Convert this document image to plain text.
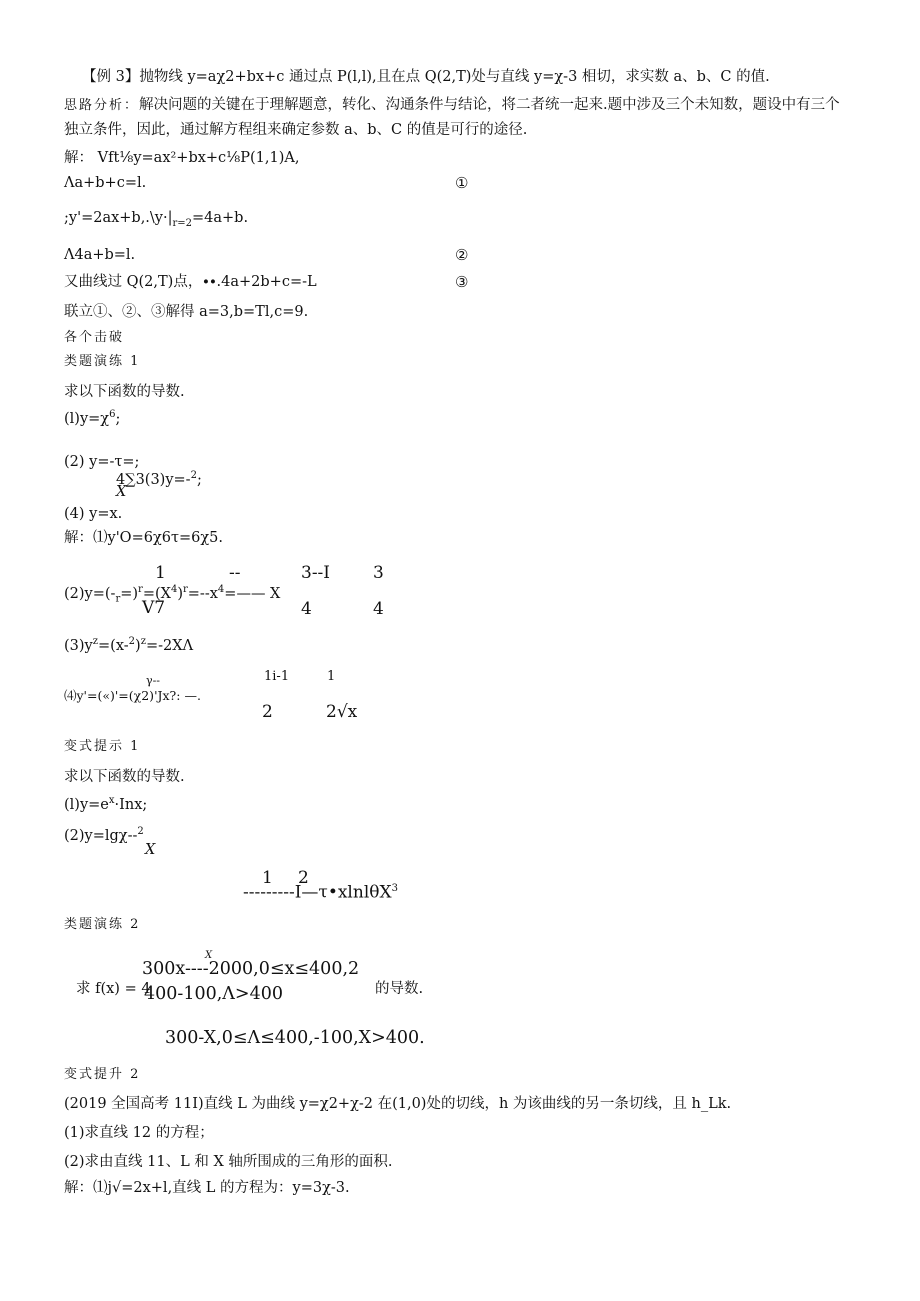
【例 3】抛物线 y=aχ2+bx+c 通过点 P(l,l),且在点 Q(2,T)处与直线 y=χ-3 相切，求实数 a、b、C 的值.
思路分析：解决问题的关键在于理解题意，转化、沟通条件与结论，将二者统一起来.题中涉及三个未知数，题设中有三个
独立条件，因此，通过解方程组来确定参数 a、b、C 的值是可行的途径.
解： Vft⅛y=ax²+bx+c⅛P(1,1)A,
Λa+b+c=l.	①
$;y'=2ax+b,.\backslash y\cdot|_{r=2}=4a+b$.
Λ4a+b=l.	②
又曲线过 Q(2,T)点，∙∙.4a+2b+c=-L	③
联立①、②、③解得 a=3,b=Tl,c=9.
各个击破
类题演练 1
求以下函数的导数.
$(l)y=\chi^6$;
(2) y=-τ=;
4∑3(3)y=-$^2$;
X
(4) y=x.
解：⑴y'O=6χ6τ=6χ5.
1	--	3--I	3
$(2)y=(-_r=)^r=(X^4)^r=--x^4=——$ X
V7	4	4
$(3)y^z=(x-^2)^z=-2X\Lambda$
γ--	1i-1	1
⑷y'=(«)'=(χ2)'Jx?: —.
2	2√x
变式提示 1
求以下函数的导数.
$(l)y=e^x\cdot Inx$;
(2)y=lgχ--$^2$
X
1 2
---------I—τ•xlnlθX$^3$
类题演练 2
X
300x----2000,0≤x≤400,2
求 f(x) = 4
400-100,Λ>400	的导数.
300-X,0≤Λ≤400,-100,X>400.
变式提升 2
(2019 全国高考 11I)直线 L 为曲线 y=χ2+χ-2 在(1,0)处的切线，h 为该曲线的另一条切线，且 h_Lk.
(1)求直线 12 的方程；
(2)求由直线 11、L 和 X 轴所围成的三角形的面积.
解：⑴j√=2x+l,直线 L 的方程为：y=3χ-3.
